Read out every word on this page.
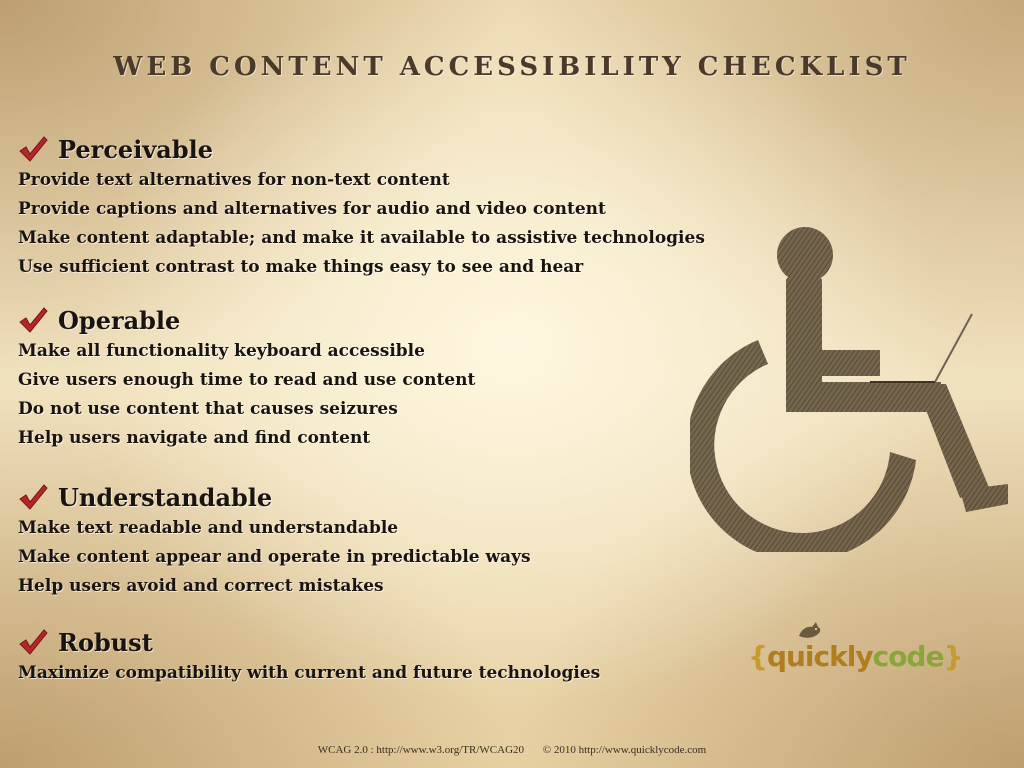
WEB CONTENT ACCESSIBILITY CHECKLIST
Perceivable
Provide text alternatives for non-text content
Provide captions and alternatives for audio and video content
Make content adaptable; and make it available to assistive technologies
Use sufficient contrast to make things easy to see and hear
Operable
Make all functionality keyboard accessible
Give users enough time to read and use content
Do not use content that causes seizures
Help users navigate and find content
Understandable
Make text readable and understandable
Make content appear and operate in predictable ways
Help users avoid and correct mistakes
Robust
Maximize compatibility with current and future technologies	{quicklycode}
WCAG 2.0 : http://www.w3.org/TR/WCAG20 © 2010 http://www.quicklycode.com
